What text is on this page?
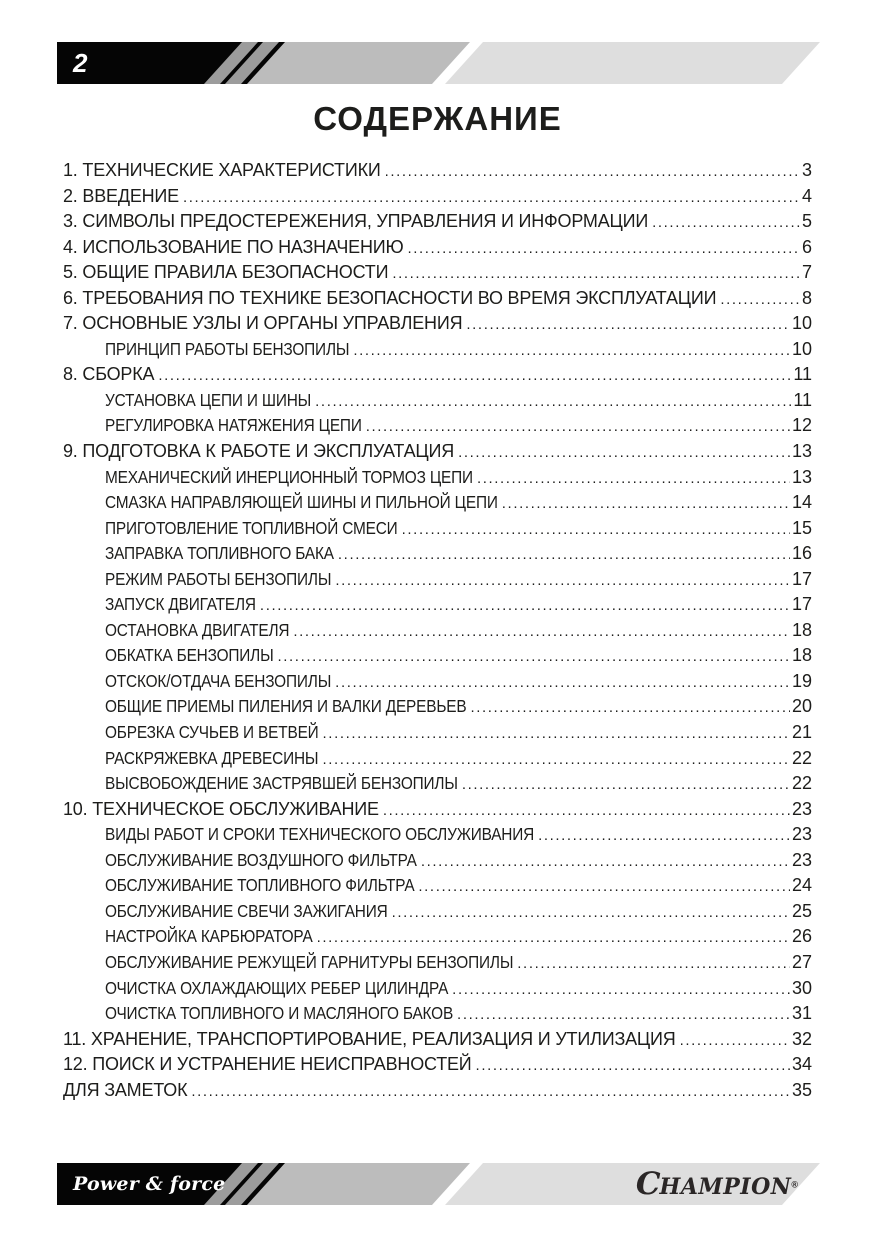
2
СОДЕРЖАНИЕ
1. ТЕХНИЧЕСКИЕ ХАРАКТЕРИСТИКИ .....	3
2. ВВЕДЕНИЕ .....	4
3. СИМВОЛЫ ПРЕДОСТЕРЕЖЕНИЯ, УПРАВЛЕНИЯ И ИНФОРМАЦИИ .....	5
4. ИСПОЛЬЗОВАНИЕ ПО НАЗНАЧЕНИЮ .....	6
5. ОБЩИЕ ПРАВИЛА БЕЗОПАСНОСТИ .....	7
6. ТРЕБОВАНИЯ ПО ТЕХНИКЕ БЕЗОПАСНОСТИ ВО ВРЕМЯ ЭКСПЛУАТАЦИИ .....	8
7. ОСНОВНЫЕ УЗЛЫ И ОРГАНЫ УПРАВЛЕНИЯ .....	10
ПРИНЦИП РАБОТЫ БЕНЗОПИЛЫ .....	10
8. СБОРКА .....	11
УСТАНОВКА ЦЕПИ И ШИНЫ .....	11
РЕГУЛИРОВКА НАТЯЖЕНИЯ ЦЕПИ .....	12
9. ПОДГОТОВКА К РАБОТЕ И ЭКСПЛУАТАЦИЯ .....	13
МЕХАНИЧЕСКИЙ ИНЕРЦИОННЫЙ ТОРМОЗ ЦЕПИ .....	13
СМАЗКА НАПРАВЛЯЮЩЕЙ ШИНЫ И ПИЛЬНОЙ ЦЕПИ .....	14
ПРИГОТОВЛЕНИЕ ТОПЛИВНОЙ СМЕСИ .....	15
ЗАПРАВКА ТОПЛИВНОГО БАКА .....	16
РЕЖИМ РАБОТЫ БЕНЗОПИЛЫ .....	17
ЗАПУСК ДВИГАТЕЛЯ .....	17
ОСТАНОВКА ДВИГАТЕЛЯ .....	18
ОБКАТКА БЕНЗОПИЛЫ .....	18
ОТСКОК/ОТДАЧА БЕНЗОПИЛЫ .....	19
ОБЩИЕ ПРИЕМЫ ПИЛЕНИЯ И ВАЛКИ ДЕРЕВЬЕВ .....	20
ОБРЕЗКА СУЧЬЕВ И ВЕТВЕЙ .....	21
РАСКРЯЖЕВКА ДРЕВЕСИНЫ .....	22
ВЫСВОБОЖДЕНИЕ ЗАСТРЯВШЕЙ БЕНЗОПИЛЫ .....	22
10. ТЕХНИЧЕСКОЕ ОБСЛУЖИВАНИЕ .....	23
ВИДЫ РАБОТ И СРОКИ ТЕХНИЧЕСКОГО ОБСЛУЖИВАНИЯ .....	23
ОБСЛУЖИВАНИЕ ВОЗДУШНОГО ФИЛЬТРА .....	23
ОБСЛУЖИВАНИЕ ТОПЛИВНОГО ФИЛЬТРА .....	24
ОБСЛУЖИВАНИЕ СВЕЧИ ЗАЖИГАНИЯ .....	25
НАСТРОЙКА КАРБЮРАТОРА .....	26
ОБСЛУЖИВАНИЕ РЕЖУЩЕЙ ГАРНИТУРЫ БЕНЗОПИЛЫ .....	27
ОЧИСТКА ОХЛАЖДАЮЩИХ РЕБЕР ЦИЛИНДРА .....	30
ОЧИСТКА ТОПЛИВНОГО И МАСЛЯНОГО БАКОВ .....	31
11. ХРАНЕНИЕ, ТРАНСПОРТИРОВАНИЕ, РЕАЛИЗАЦИЯ И УТИЛИЗАЦИЯ .....	32
12. ПОИСК И УСТРАНЕНИЕ НЕИСПРАВНОСТЕЙ .....	34
ДЛЯ ЗАМЕТОК .....	35
Power & force	CHAMPION®
